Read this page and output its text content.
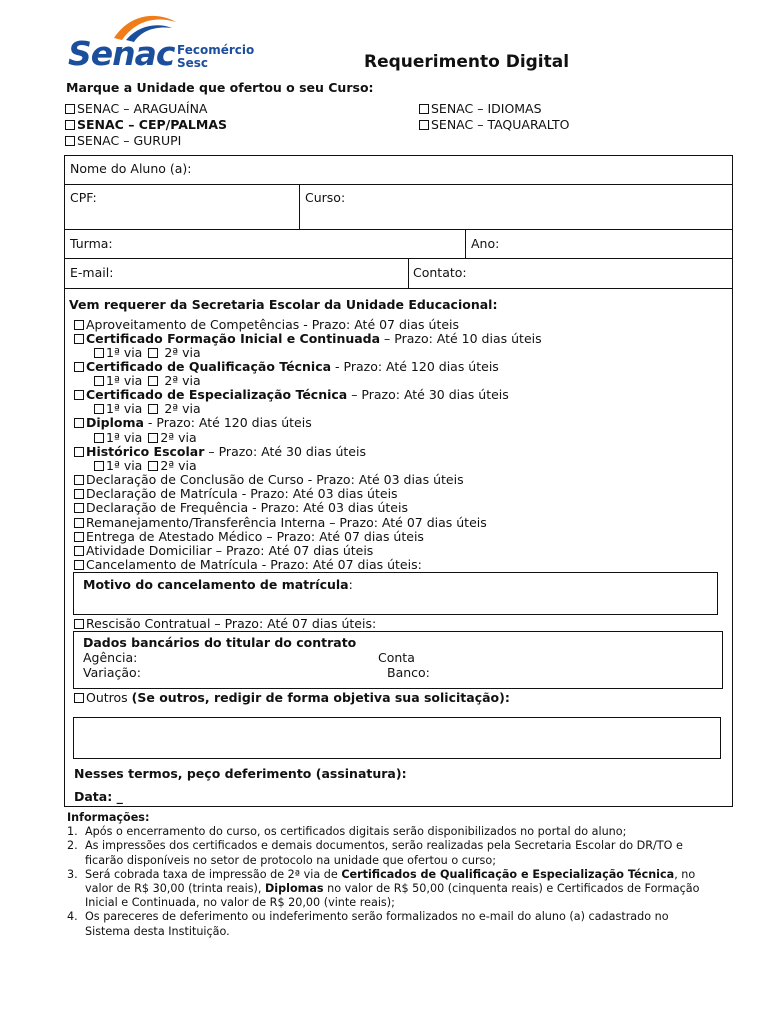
Senac Fecomércio
Sesc	Requerimento Digital
Marque a Unidade que ofertou o seu Curso:
SENAC – ARAGUAÍNA
SENAC – CEP/PALMAS
SENAC – GURUPI
SENAC – IDIOMAS
SENAC – TAQUARALTO
Nome do Aluno (a):
CPF:	Curso:
Turma:	Ano:
E-mail:	Contato:
Vem requerer da Secretaria Escolar da Unidade Educacional:
Aproveitamento de Competências - Prazo: Até 07 dias úteis
Certificado Formação Inicial e Continuada – Prazo: Até 10 dias úteis
1ª via 2ª via
Certificado de Qualificação Técnica - Prazo: Até 120 dias úteis
1ª via 2ª via
Certificado de Especialização Técnica – Prazo: Até 30 dias úteis
1ª via 2ª via
Diploma - Prazo: Até 120 dias úteis
1ª via 2ª via
Histórico Escolar – Prazo: Até 30 dias úteis
1ª via 2ª via
Declaração de Conclusão de Curso - Prazo: Até 03 dias úteis
Declaração de Matrícula - Prazo: Até 03 dias úteis
Declaração de Frequência - Prazo: Até 03 dias úteis
Remanejamento/Transferência Interna – Prazo: Até 07 dias úteis
Entrega de Atestado Médico – Prazo: Até 07 dias úteis
Atividade Domiciliar – Prazo: Até 07 dias úteis
Cancelamento de Matrícula - Prazo: Até 07 dias úteis:
Motivo do cancelamento de matrícula:
Rescisão Contratual – Prazo: Até 07 dias úteis:
Dados bancários do titular do contrato
Agência:	Conta
Variação:	Banco:
Outros (Se outros, redigir de forma objetiva sua solicitação):
Nesses termos, peço deferimento (assinatura):
Data: _
Informações:
1. Após o encerramento do curso, os certificados digitais serão disponibilizados no portal do aluno;
2. As impressões dos certificados e demais documentos, serão realizadas pela Secretaria Escolar do DR/TO e ficarão disponíveis no setor de protocolo na unidade que ofertou o curso;
3. Será cobrada taxa de impressão de 2ª via de Certificados de Qualificação e Especialização Técnica, no valor de R$ 30,00 (trinta reais), Diplomas no valor de R$ 50,00 (cinquenta reais) e Certificados de Formação Inicial e Continuada, no valor de R$ 20,00 (vinte reais);
4. Os pareceres de deferimento ou indeferimento serão formalizados no e-mail do aluno (a) cadastrado no Sistema desta Instituição.
